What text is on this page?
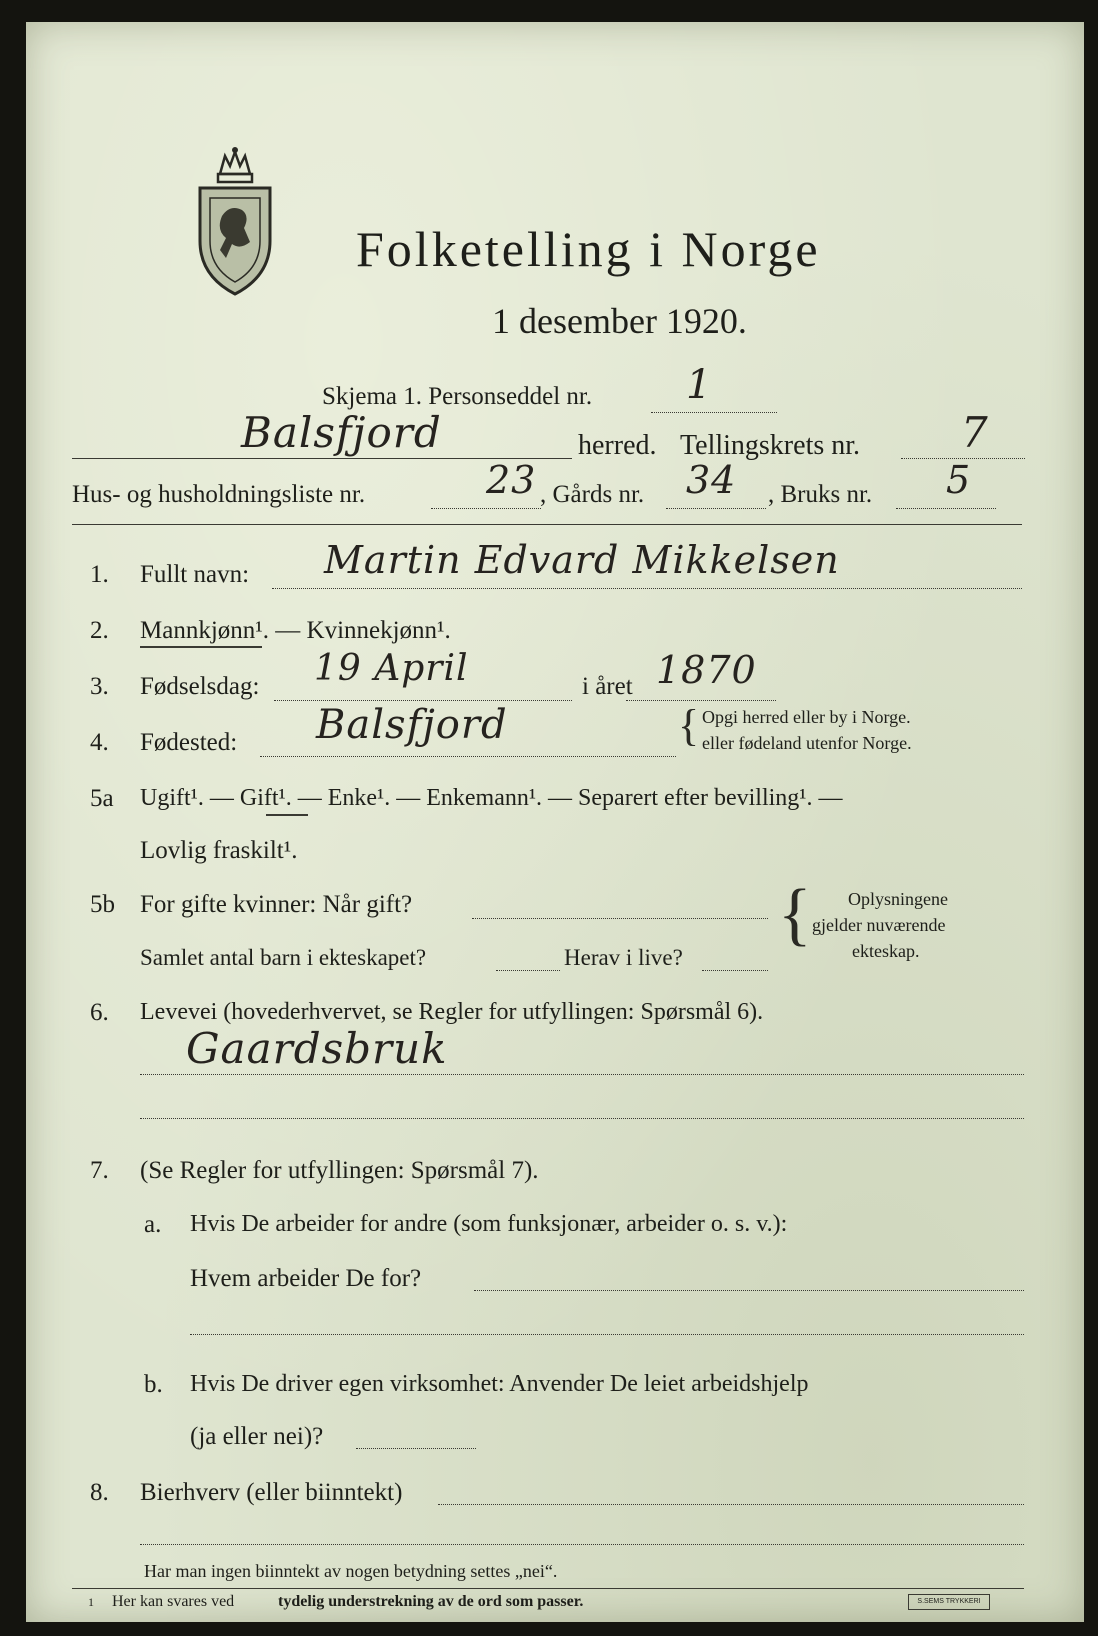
Folketelling i Norge
1 desember 1920.
Skjema 1. Personseddel nr. 1
Balsfjord	herred. Tellingskrets nr. 7
Hus- og husholdningsliste nr.	23 , Gårds nr. 34 , Bruks nr. 5
1. Fullt navn: Martin Edvard Mikkelsen
2. Mannkjønn¹. — Kvinnekjønn¹.
3. Fødselsdag: 19 April	i året 1870
4. Fødested: Balsfjord	{ Opgi herred eller by i Norge.
eller fødeland utenfor Norge.
5a Ugift¹. — Gift¹. — Enke¹. — Enkemann¹. — Separert efter bevilling¹. —
Lovlig fraskilt¹.
5b For gifte kvinner: Når gift?
Samlet antal barn i ekteskapet?	Herav i live?
{ Oplysningene
gjelder nuværende
ekteskap.
6. Levevei (hovederhvervet, se Regler for utfyllingen: Spørsmål 6).
Gaardsbruk
7. (Se Regler for utfyllingen: Spørsmål 7).
a. Hvis De arbeider for andre (som funksjonær, arbeider o. s. v.):
Hvem arbeider De for?
b. Hvis De driver egen virksomhet: Anvender De leiet arbeidshjelp
(ja eller nei)?
8. Bierhverv (eller biinntekt)
Har man ingen biinntekt av nogen betydning settes „nei“.
1 Her kan svares ved	tydelig understrekning av de ord som passer.	S.SEMS TRYKKERI
